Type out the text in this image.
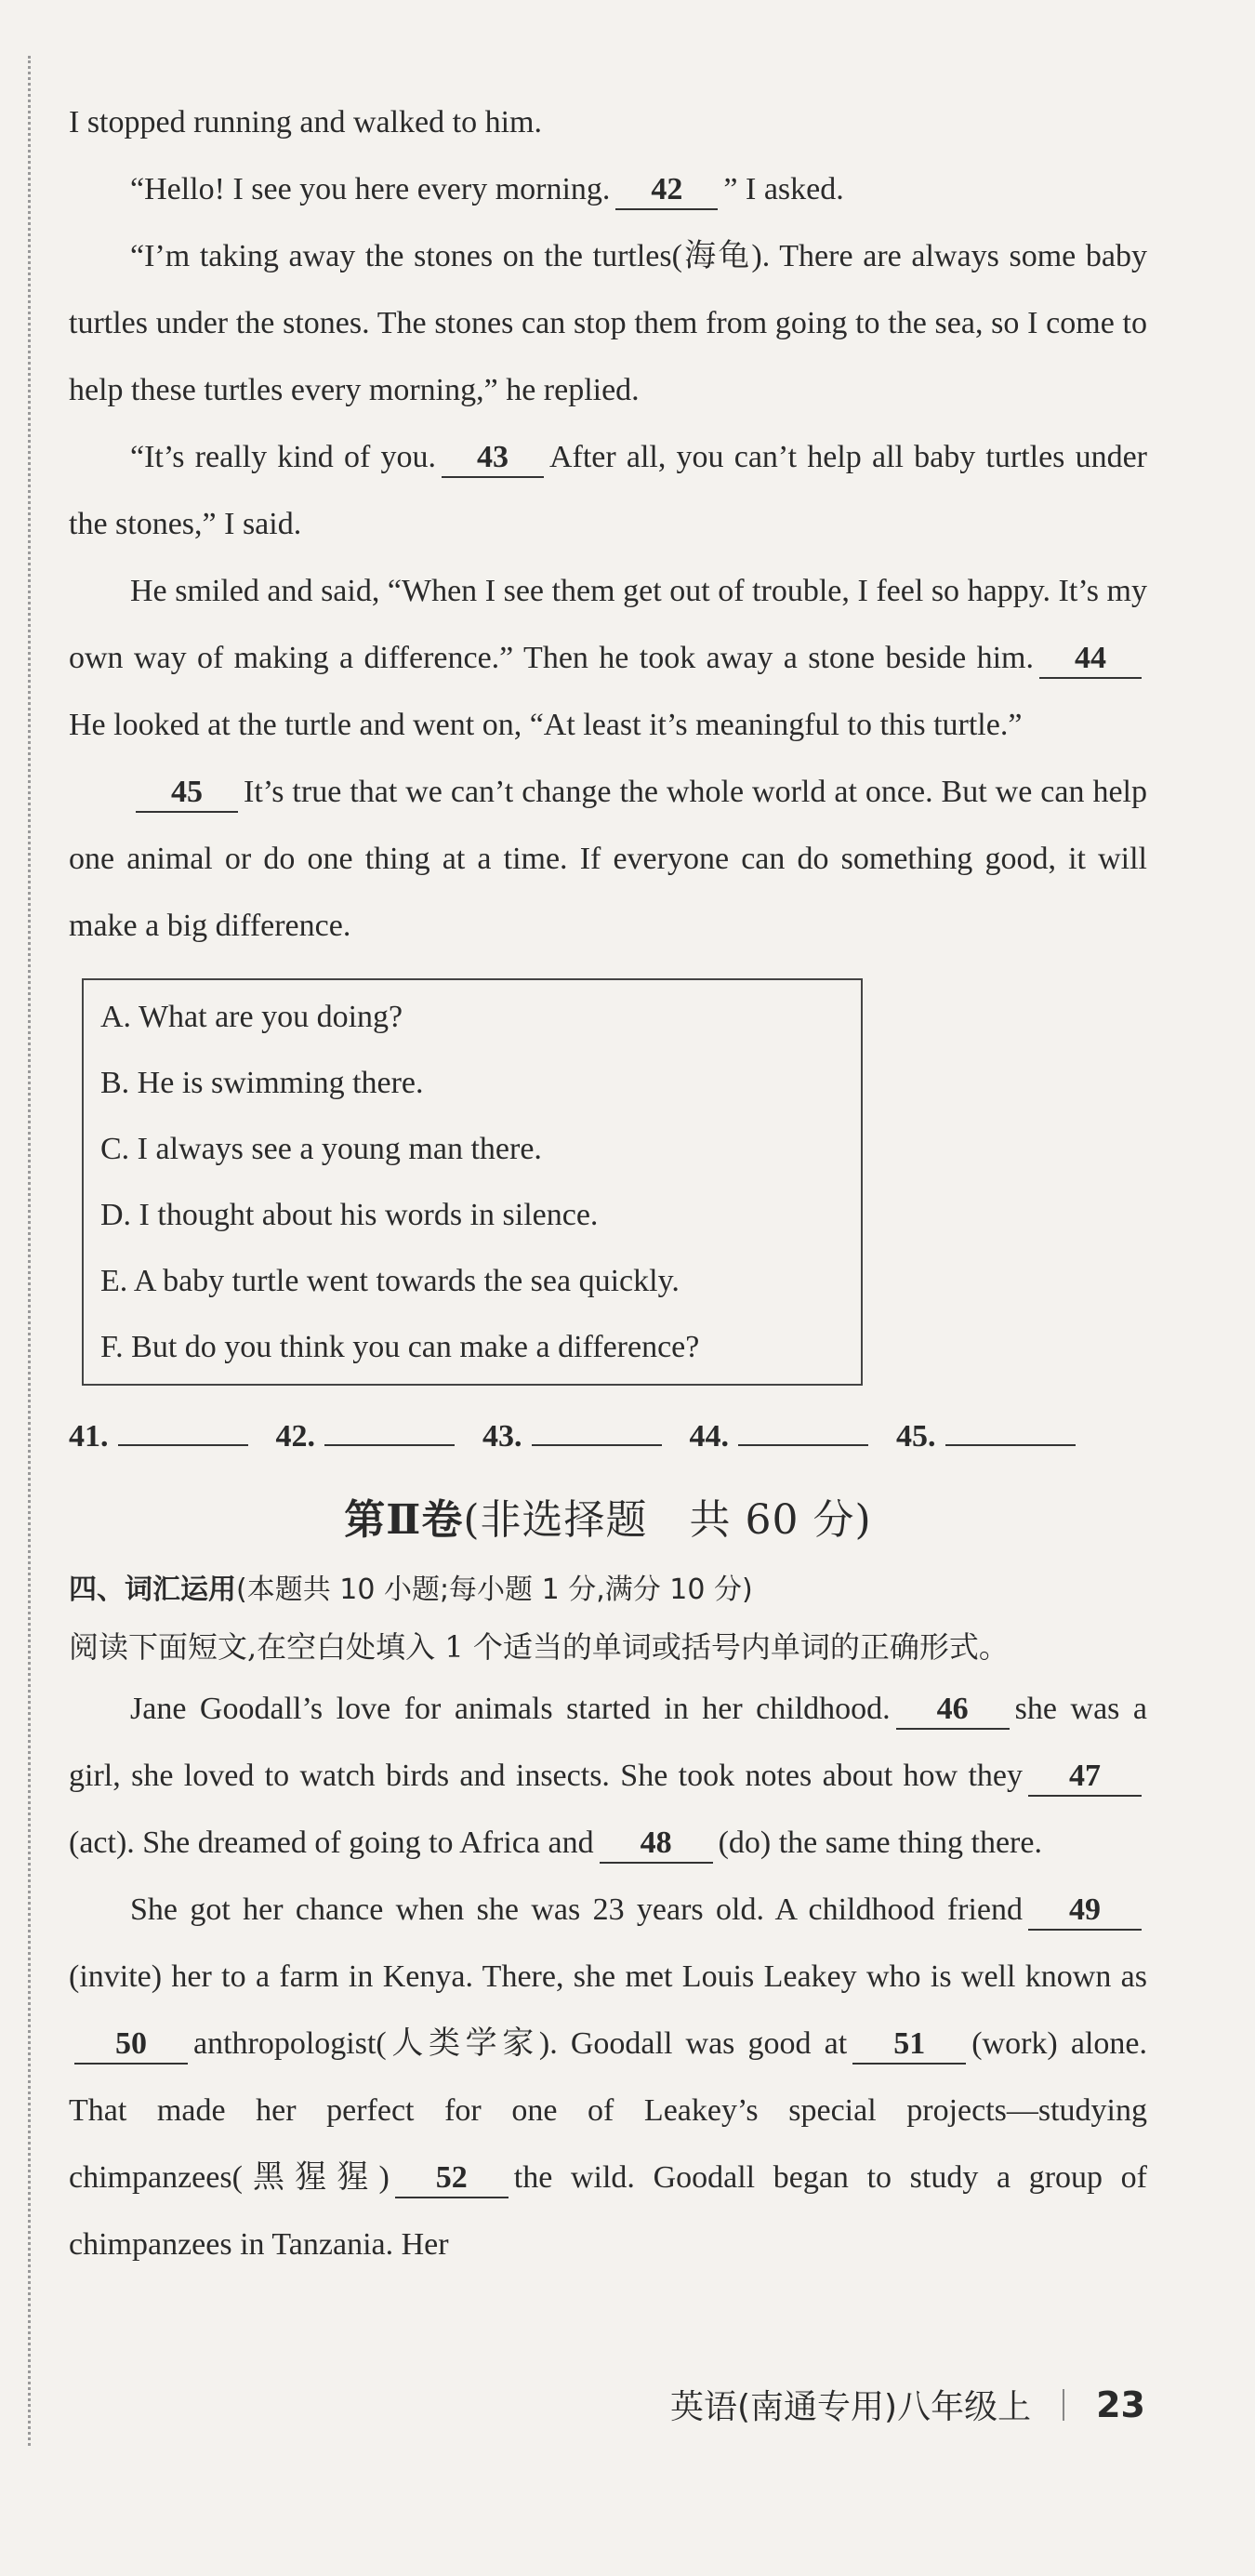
I stopped running and walked to him.

“Hello! I see you here every morning. 42 ” I asked.

“I’m taking away the stones on the turtles(海龟). There are always some baby turtles under the stones. The stones can stop them from going to the sea, so I come to help these turtles every morning,” he replied.

“It’s really kind of you. 43 After all, you can’t help all baby turtles under the stones,” I said.

He smiled and said, “When I see them get out of trouble, I feel so happy. It’s my own way of making a difference.” Then he took away a stone beside him. 44He looked at the turtle and went on, “At least it’s meaningful to this turtle.”

45 It’s true that we can’t change the whole world at once. But we can help one animal or do one thing at a time. If everyone can do something good, it will make a big difference.

A. What are you doing?

B. He is swimming there.

C. I always see a young man there.

D. I thought about his words in silence.

E. A baby turtle went towards the sea quickly.

F. But do you think you can make a difference?

41.	42.	43.	44.	45.
第Ⅱ卷(非选择题　共 60 分)
四、词汇运用(本题共 10 小题;每小题 1 分,满分 10 分)
阅读下面短文,在空白处填入 1 个适当的单词或括号内单词的正确形式。

Jane Goodall’s love for animals started in her childhood. 46 she was a girl, she loved to watch birds and insects. She took notes about how they 47(act). She dreamed of going to Africa and 48 (do) the same thing there.

She got her chance when she was 23 years old. A childhood friend 49(invite) her to a farm in Kenya. There, she met Louis Leakey who is well known as50 anthropologist(人类学家). Goodall was good at 51 (work) alone. That made her perfect for one of Leakey’s special projects—studying chimpanzees(黑猩猩) 52 the wild. Goodall began to study a group of chimpanzees in Tanzania. Her

英语(南通专用)八年级上 23
